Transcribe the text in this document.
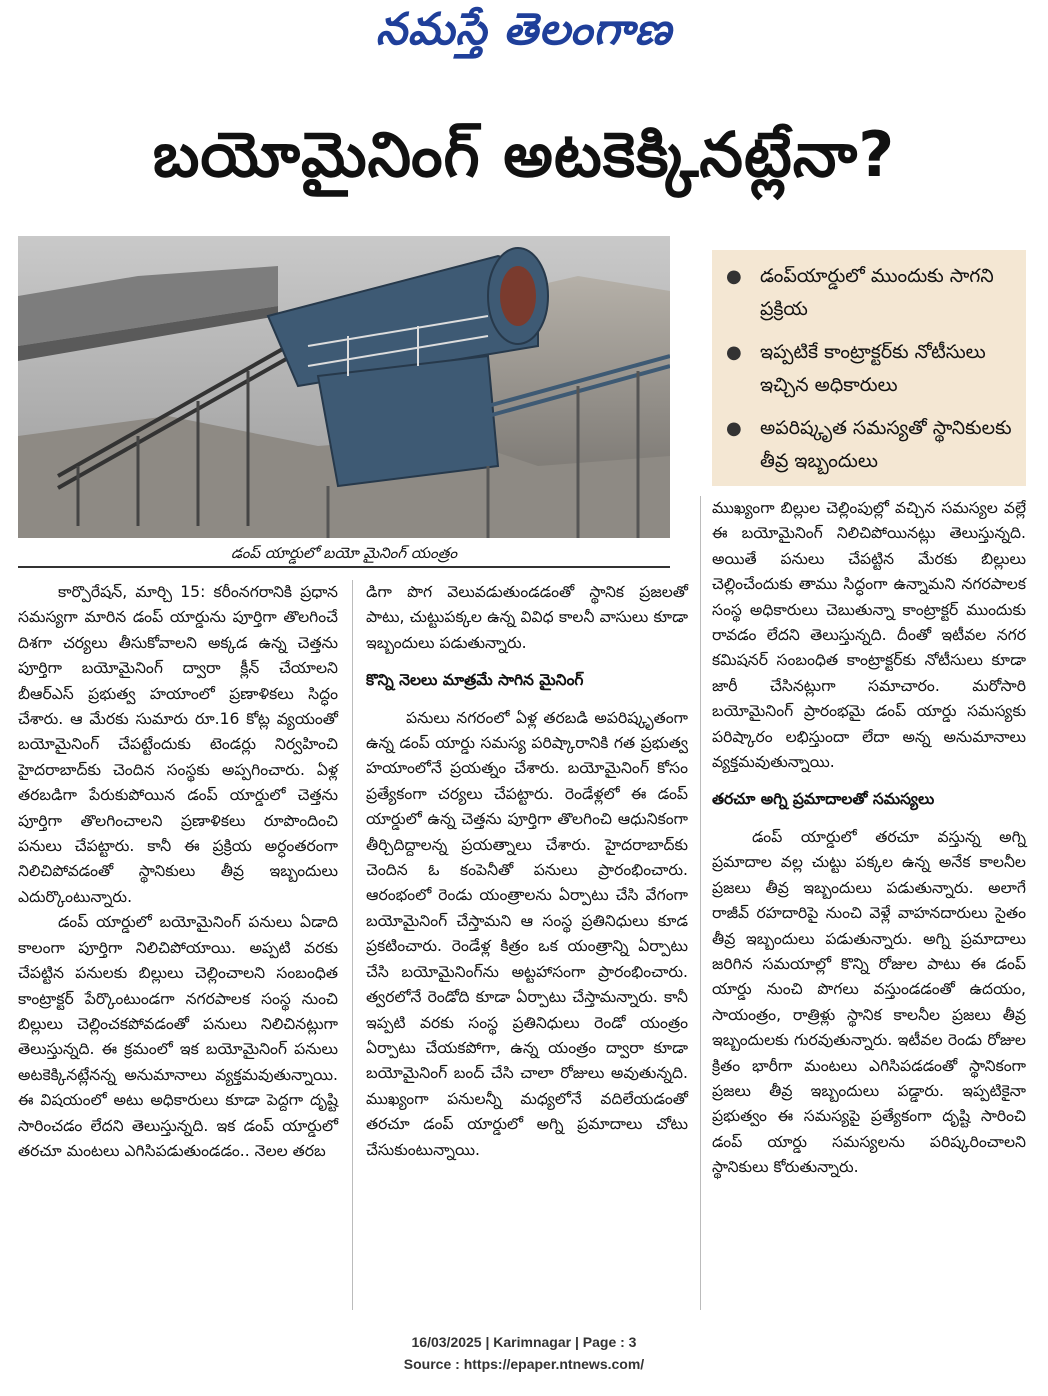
నమస్తే తెలంగాణ
బయోమైనింగ్ అటకెక్కినట్లేనా?
డంప్ యార్డులో బయో మైనింగ్ యంత్రం
● డంప్‌యార్డులో ముందుకు సాగని ప్రక్రియ
● ఇప్పటికే కాంట్రాక్టర్‌కు నోటీసులు ఇచ్చిన అధికారులు
● అపరిష్కృత సమస్యతో స్థానికులకు తీవ్ర ఇబ్బందులు

కార్పొరేషన్, మార్చి 15: కరీంనగరానికి ప్రధాన సమస్యగా మారిన డంప్ యార్డును పూర్తిగా తొలగించే దిశగా చర్యలు తీసుకోవాలని అక్కడ ఉన్న చెత్తను పూర్తిగా బయోమైనింగ్ ద్వారా క్లీన్ చేయాలని బీఆర్ఎస్ ప్రభుత్వ హయాంలో ప్రణాళికలు సిద్ధం చేశారు. ఆ మేరకు సుమారు రూ.16 కోట్ల వ్యయంతో బయోమైనింగ్ చేపట్టేందుకు టెండర్లు నిర్వహించి హైదరాబాద్‌కు చెందిన సంస్థకు అప్పగించారు. ఏళ్ల తరబడిగా పేరుకుపోయిన డంప్ యార్డులో చెత్తను పూర్తిగా తొలగించాలని ప్రణాళికలు రూపొందించి పనులు చేపట్టారు. కానీ ఈ ప్రక్రియ అర్ధంతరంగా నిలిచిపోవడంతో స్థానికులు తీవ్ర ఇబ్బందులు ఎదుర్కొంటున్నారు.

డంప్ యార్డులో బయోమైనింగ్ పనులు ఏడాది కాలంగా పూర్తిగా నిలిచిపోయాయి. అప్పటి వరకు చేపట్టిన పనులకు బిల్లులు చెల్లించాలని సంబంధిత కాంట్రాక్టర్ పేర్కొంటుండగా నగరపాలక సంస్థ నుంచి బిల్లులు చెల్లించకపోవడంతో పనులు నిలిచినట్లుగా తెలుస్తున్నది. ఈ క్రమంలో ఇక బయోమైనింగ్ పనులు అటకెక్కినట్లేనన్న అనుమానాలు వ్యక్తమవుతున్నాయి. ఈ విషయంలో అటు అధికారులు కూడా పెద్దగా దృష్టి సారించడం లేదని తెలుస్తున్నది. ఇక డంప్ యార్డులో తరచూ మంటలు ఎగిసిపడుతుండడం.. నెలల తరబ

డిగా పొగ వెలువడుతుండడంతో స్థానిక ప్రజలతో పాటు, చుట్టుపక్కల ఉన్న వివిధ కాలనీ వాసులు కూడా ఇబ్బందులు పడుతున్నారు.

కొన్ని నెలలు మాత్రమే సాగిన మైనింగ్

పనులు నగరంలో ఏళ్ల తరబడి అపరిష్కృతంగా ఉన్న డంప్ యార్డు సమస్య పరిష్కారానికి గత ప్రభుత్వ హయాంలోనే ప్రయత్నం చేశారు. బయోమైనింగ్ కోసం ప్రత్యేకంగా చర్యలు చేపట్టారు. రెండేళ్లలో ఈ డంప్ యార్డులో ఉన్న చెత్తను పూర్తిగా తొలగించి ఆధునికంగా తీర్చిదిద్దాలన్న ప్రయత్నాలు చేశారు. హైదరాబాద్‌కు చెందిన ఓ కంపెనీతో పనులు ప్రారంభించారు. ఆరంభంలో రెండు యంత్రాలను ఏర్పాటు చేసి వేగంగా బయోమైనింగ్ చేస్తామని ఆ సంస్థ ప్రతినిధులు కూడ ప్రకటించారు. రెండేళ్ల కిత్రం ఒక యంత్రాన్ని ఏర్పాటు చేసి బయోమైనింగ్‌ను అట్టహాసంగా ప్రారంభించారు. త్వరలోనే రెండోది కూడా ఏర్పాటు చేస్తామన్నారు. కానీ ఇప్పటి వరకు సంస్థ ప్రతినిధులు రెండో యంత్రం ఏర్పాటు చేయకపోగా, ఉన్న యంత్రం ద్వారా కూడా బయోమైనింగ్ బంద్ చేసి చాలా రోజులు అవుతున్నది. ముఖ్యంగా పనులన్నీ మధ్యలోనే వదిలేయడంతో తరచూ డంప్ యార్డులో అగ్ని ప్రమాదాలు చోటు చేసుకుంటున్నాయి.

ముఖ్యంగా బిల్లుల చెల్లింపుల్లో వచ్చిన సమస్యల వల్లే ఈ బయోమైనింగ్ నిలిచిపోయినట్లు తెలుస్తున్నది. అయితే పనులు చేపట్టిన మేరకు బిల్లులు చెల్లించేందుకు తాము సిద్ధంగా ఉన్నామని నగరపాలక సంస్థ అధికారులు చెబుతున్నా కాంట్రాక్టర్ ముందుకు రావడం లేదని తెలుస్తున్నది. దీంతో ఇటీవల నగర కమిషనర్ సంబంధిత కాంట్రాక్టర్‌కు నోటీసులు కూడా జారీ చేసినట్లుగా సమాచారం. మరోసారి బయోమైనింగ్ ప్రారంభమై డంప్ యార్డు సమస్యకు పరిష్కారం లభిస్తుందా లేదా అన్న అనుమానాలు వ్యక్తమవుతున్నాయి.

తరచూ అగ్ని ప్రమాదాలతో సమస్యలు

డంప్ యార్డులో తరచూ వస్తున్న అగ్ని ప్రమాదాల వల్ల చుట్టు పక్కల ఉన్న అనేక కాలనీల ప్రజలు తీవ్ర ఇబ్బందులు పడుతున్నారు. అలాగే రాజీవ్ రహదారిపై నుంచి వెళ్లే వాహనదారులు సైతం తీవ్ర ఇబ్బందులు పడుతున్నారు. అగ్ని ప్రమాదాలు జరిగిన సమయాల్లో కొన్ని రోజుల పాటు ఈ డంప్ యార్డు నుంచి పొగలు వస్తుండడంతో ఉదయం, సాయంత్రం, రాత్రిళ్లు స్థానిక కాలనీల ప్రజలు తీవ్ర ఇబ్బందులకు గురవుతున్నారు. ఇటీవల రెండు రోజుల క్రితం భారీగా మంటలు ఎగిసిపడడంతో స్థానికంగా ప్రజలు తీవ్ర ఇబ్బందులు పడ్డారు. ఇప్పటికైనా ప్రభుత్వం ఈ సమస్యపై ప్రత్యేకంగా దృష్టి సారించి డంప్ యార్డు సమస్యలను పరిష్కరించాలని స్థానికులు కోరుతున్నారు.

16/03/2025 | Karimnagar | Page : 3
Source : https://epaper.ntnews.com/
